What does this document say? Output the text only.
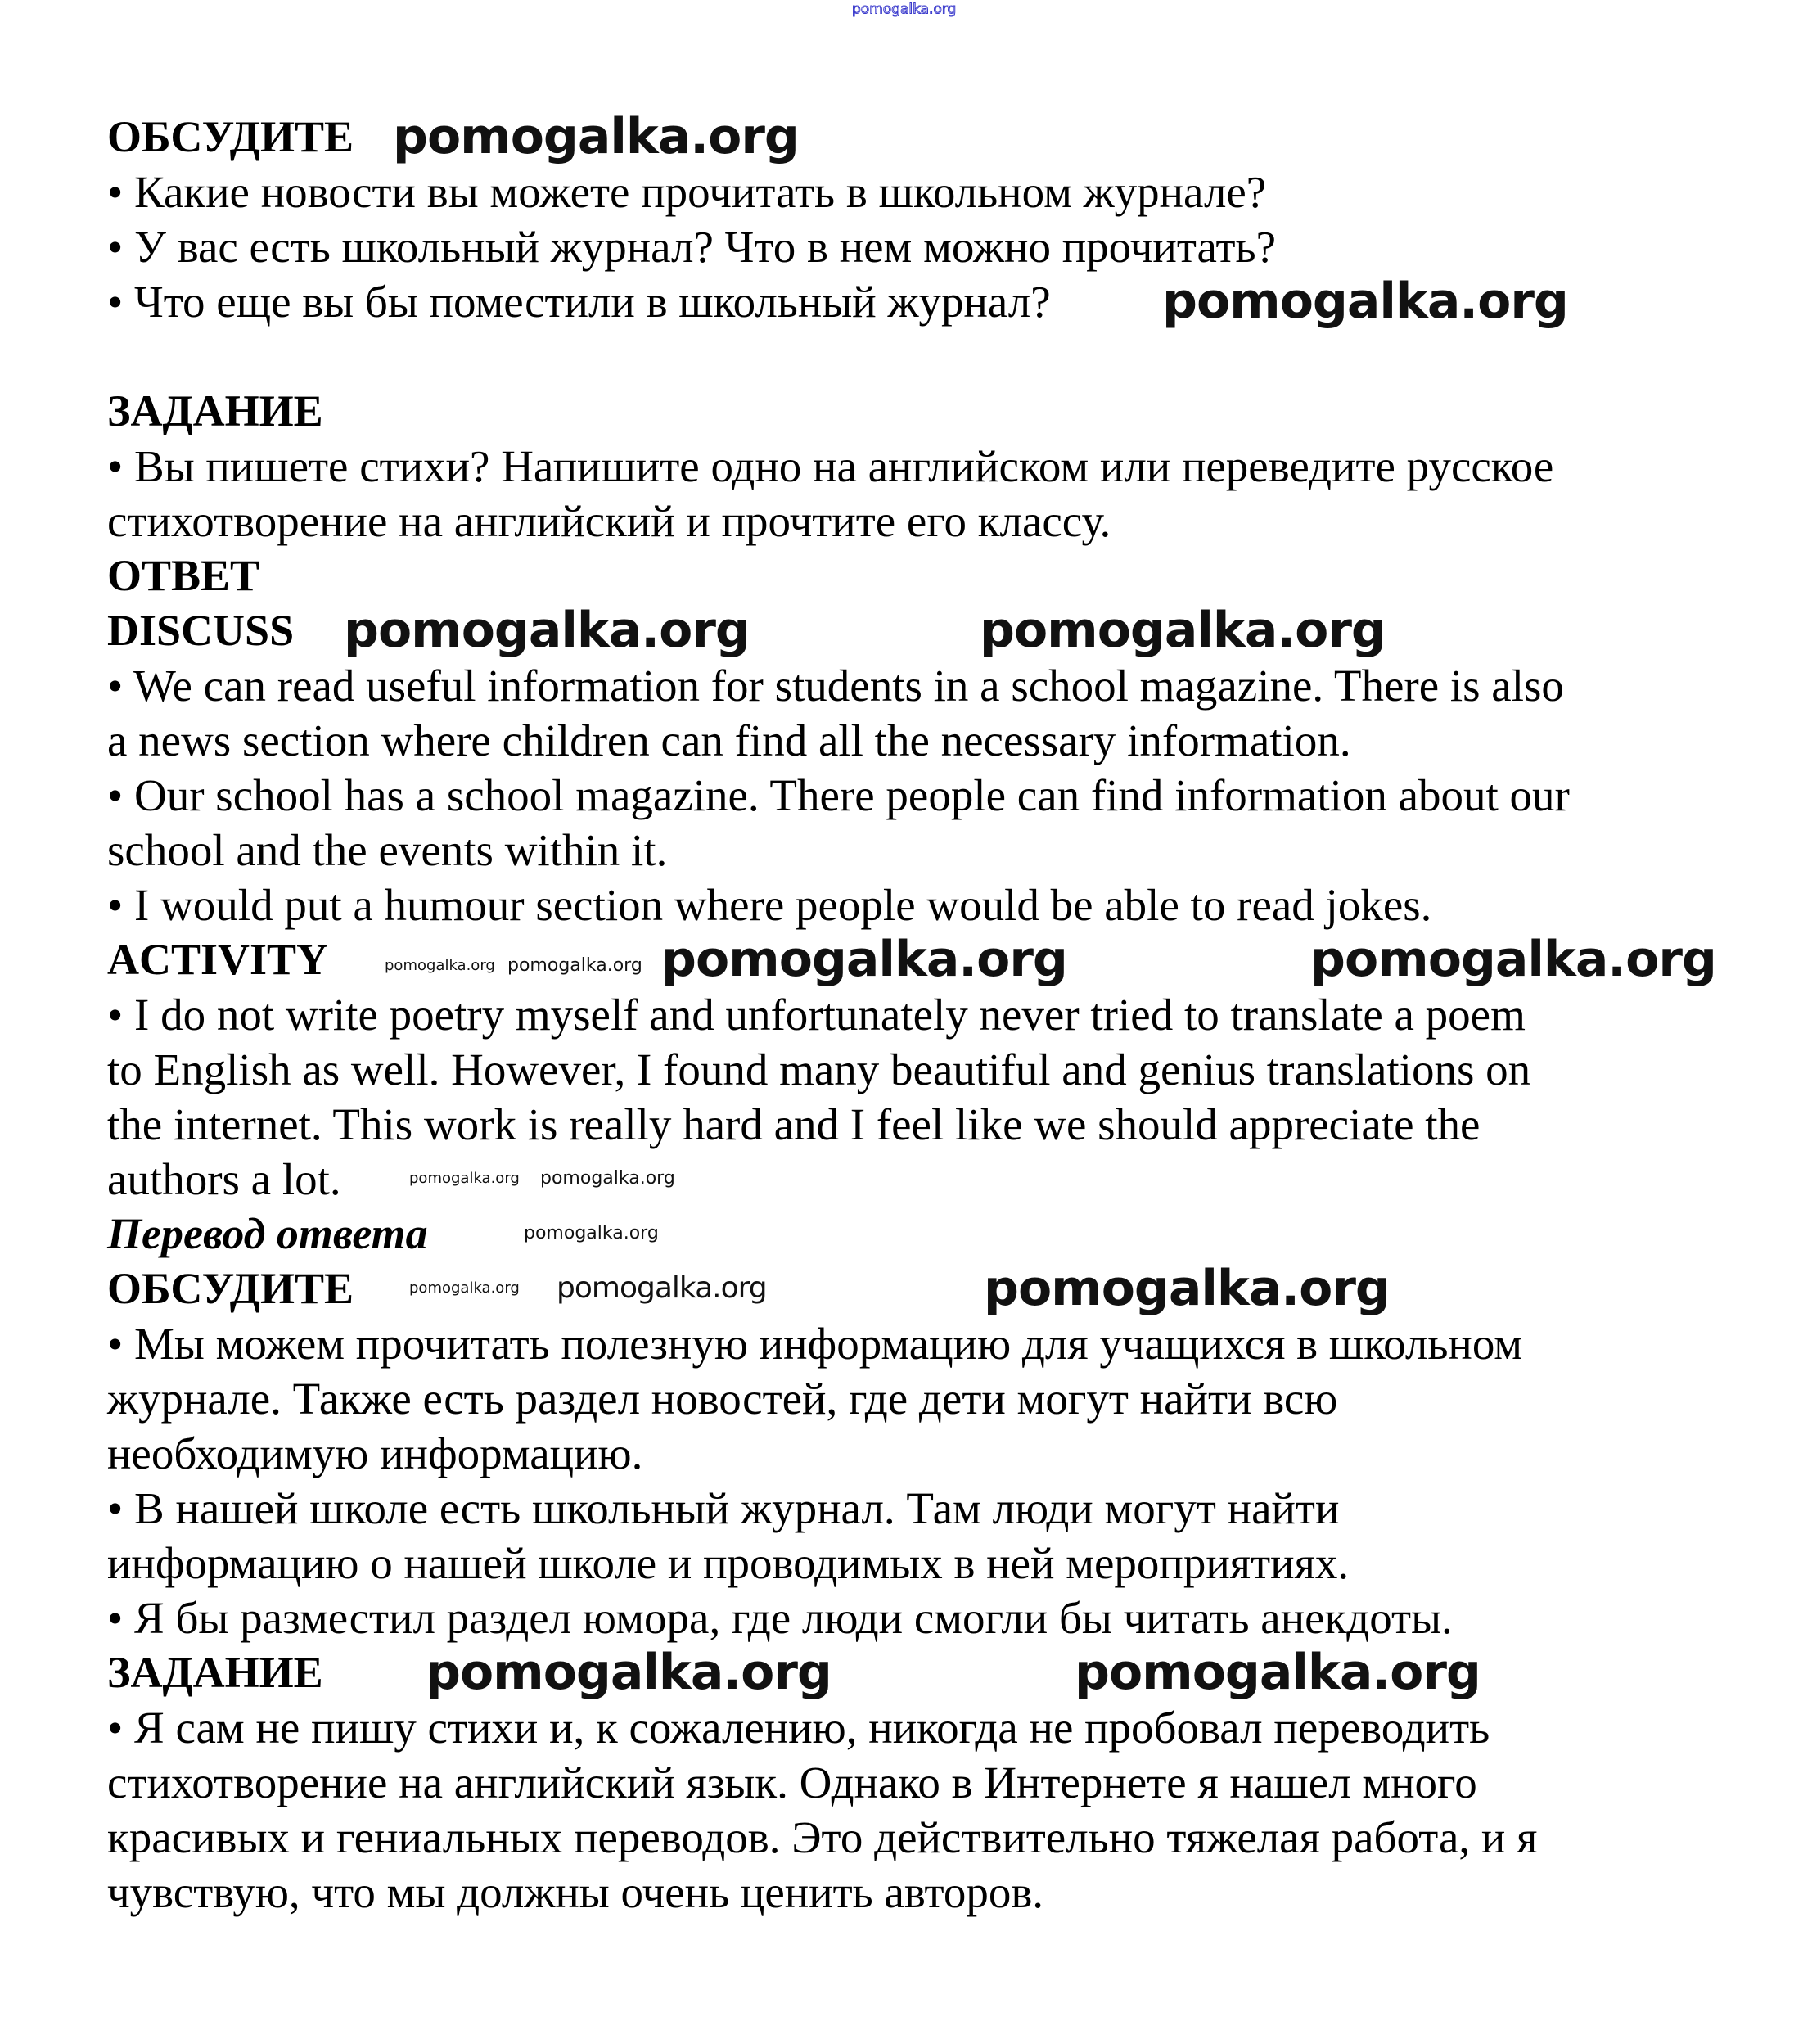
ОБСУДИТЕ
• Какие новости вы можете прочитать в школьном журнале?
• У вас есть школьный журнал? Что в нем можно прочитать?
• Что еще вы бы поместили в школьный журнал?
ЗАДАНИЕ
• Вы пишете стихи? Напишите одно на английском или переведите русское
стихотворение на английский и прочтите его классу.
ОТВЕТ
DISCUSS
• We can read useful information for students in a school magazine. There is also
a news section where children can find all the necessary information.
• Our school has a school magazine. There people can find information about our
school and the events within it.
• I would put a humour section where people would be able to read jokes.
ACTIVITY
• I do not write poetry myself and unfortunately never tried to translate a poem
to English as well. However, I found many beautiful and genius translations on
the internet. This work is really hard and I feel like we should appreciate the
authors a lot.
Перевод ответа
ОБСУДИТЕ
• Мы можем прочитать полезную информацию для учащихся в школьном
журнале. Также есть раздел новостей, где дети могут найти всю
необходимую информацию.
• В нашей школе есть школьный журнал. Там люди могут найти
информацию о нашей школе и проводимых в ней мероприятиях.
• Я бы разместил раздел юмора, где люди смогли бы читать анекдоты.
ЗАДАНИЕ
• Я сам не пишу стихи и, к сожалению, никогда не пробовал переводить
стихотворение на английский язык. Однако в Интернете я нашел много
красивых и гениальных переводов. Это действительно тяжелая работа, и я
чувствую, что мы должны очень ценить авторов.
pomogalka.org
pomogalka.org
pomogalka.org
pomogalka.org	pomogalka.org
pomogalka.org	pomogalka.org
pomogalka.org pomogalka.org
pomogalka.org pomogalka.org
pomogalka.org
pomogalka.org pomogalka.org	pomogalka.org
pomogalka.org	pomogalka.org
